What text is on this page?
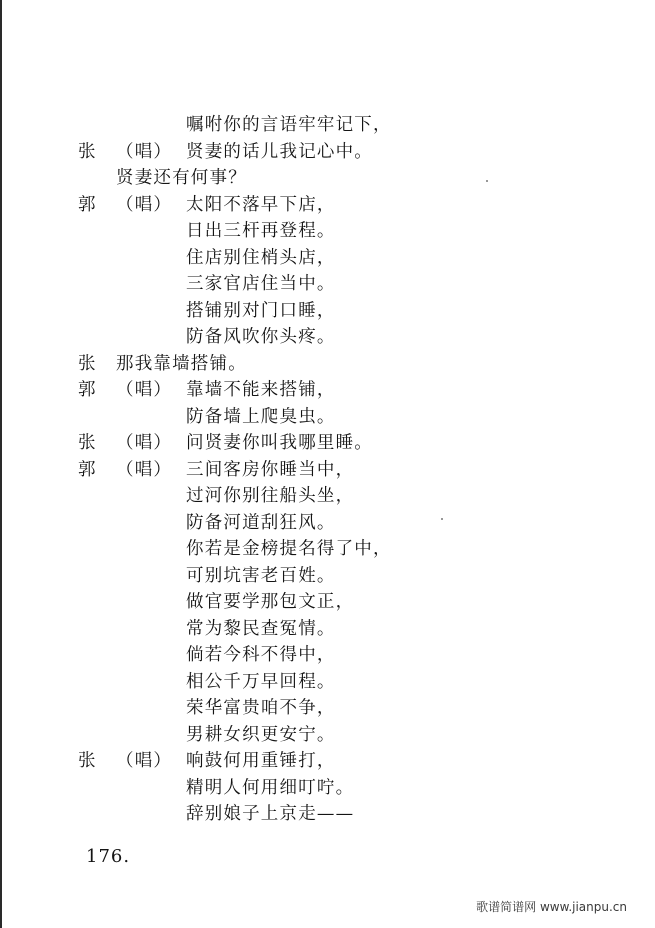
嘱咐你的言语牢牢记下，
张 （唱） 贤妻的话儿我记心中。
贤妻还有何事？
郭 （唱） 太阳不落早下店，
日出三杆再登程。
住店别住梢头店，
三家官店住当中。
搭铺别对门口睡，
防备风吹你头疼。
张 那我靠墙搭铺。
郭 （唱） 靠墙不能来搭铺，
防备墙上爬臭虫。
张 （唱） 问贤妻你叫我哪里睡。
郭 （唱） 三间客房你睡当中，
过河你别往船头坐，
防备河道刮狂风。
你若是金榜提名得了中，
可别坑害老百姓。
做官要学那包文正，
常为黎民查冤情。
倘若今科不得中，
相公千万早回程。
荣华富贵咱不争，
男耕女织更安宁。
张 （唱） 响鼓何用重锤打，
精明人何用细叮咛。
辞别娘子上京走——
176.
歌谱简谱网 www.jianpu.cn
